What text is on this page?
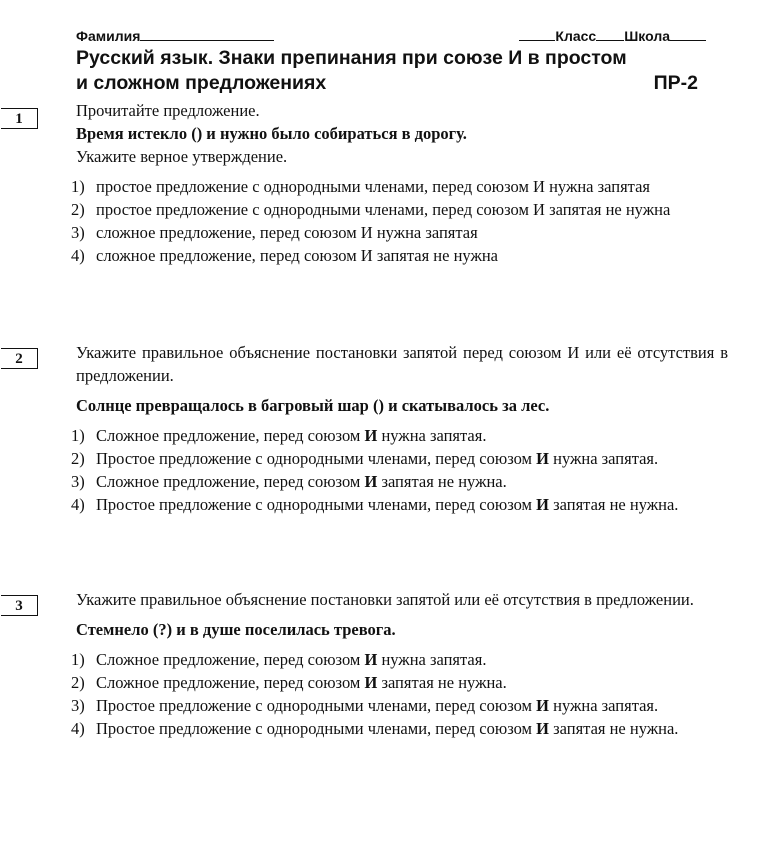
Фамилия	Класс Школа
Русский язык. Знаки препинания при союзе И в простом
и сложном предложениях	ПР-2
1	Прочитайте предложение.

Время истекло () и нужно было собираться в дорогу.

Укажите верное утверждение.

1) простое предложение с однородными членами, перед союзом И нужна запятая
2) простое предложение с однородными членами, перед союзом И запятая не нужна
3) сложное предложение, перед союзом И нужна запятая
4) сложное предложение, перед союзом И запятая не нужна
2	Укажите правильное объяснение постановки запятой перед союзом И или её отсутствия в предложении.

Солнце превращалось в багровый шар () и скатывалось за лес.

1) Сложное предложение, перед союзом И нужна запятая.
2) Простое предложение с однородными членами, перед союзом И нужна запятая.
3) Сложное предложение, перед союзом И запятая не нужна.
4) Простое предложение с однородными членами, перед союзом И запятая не нужна.
3	Укажите правильное объяснение постановки запятой или её отсутствия в предложении.

Стемнело (?) и в душе поселилась тревога.

1) Сложное предложение, перед союзом И нужна запятая.
2) Сложное предложение, перед союзом И запятая не нужна.
3) Простое предложение с однородными членами, перед союзом И нужна запятая.
4) Простое предложение с однородными членами, перед союзом И запятая не нужна.
